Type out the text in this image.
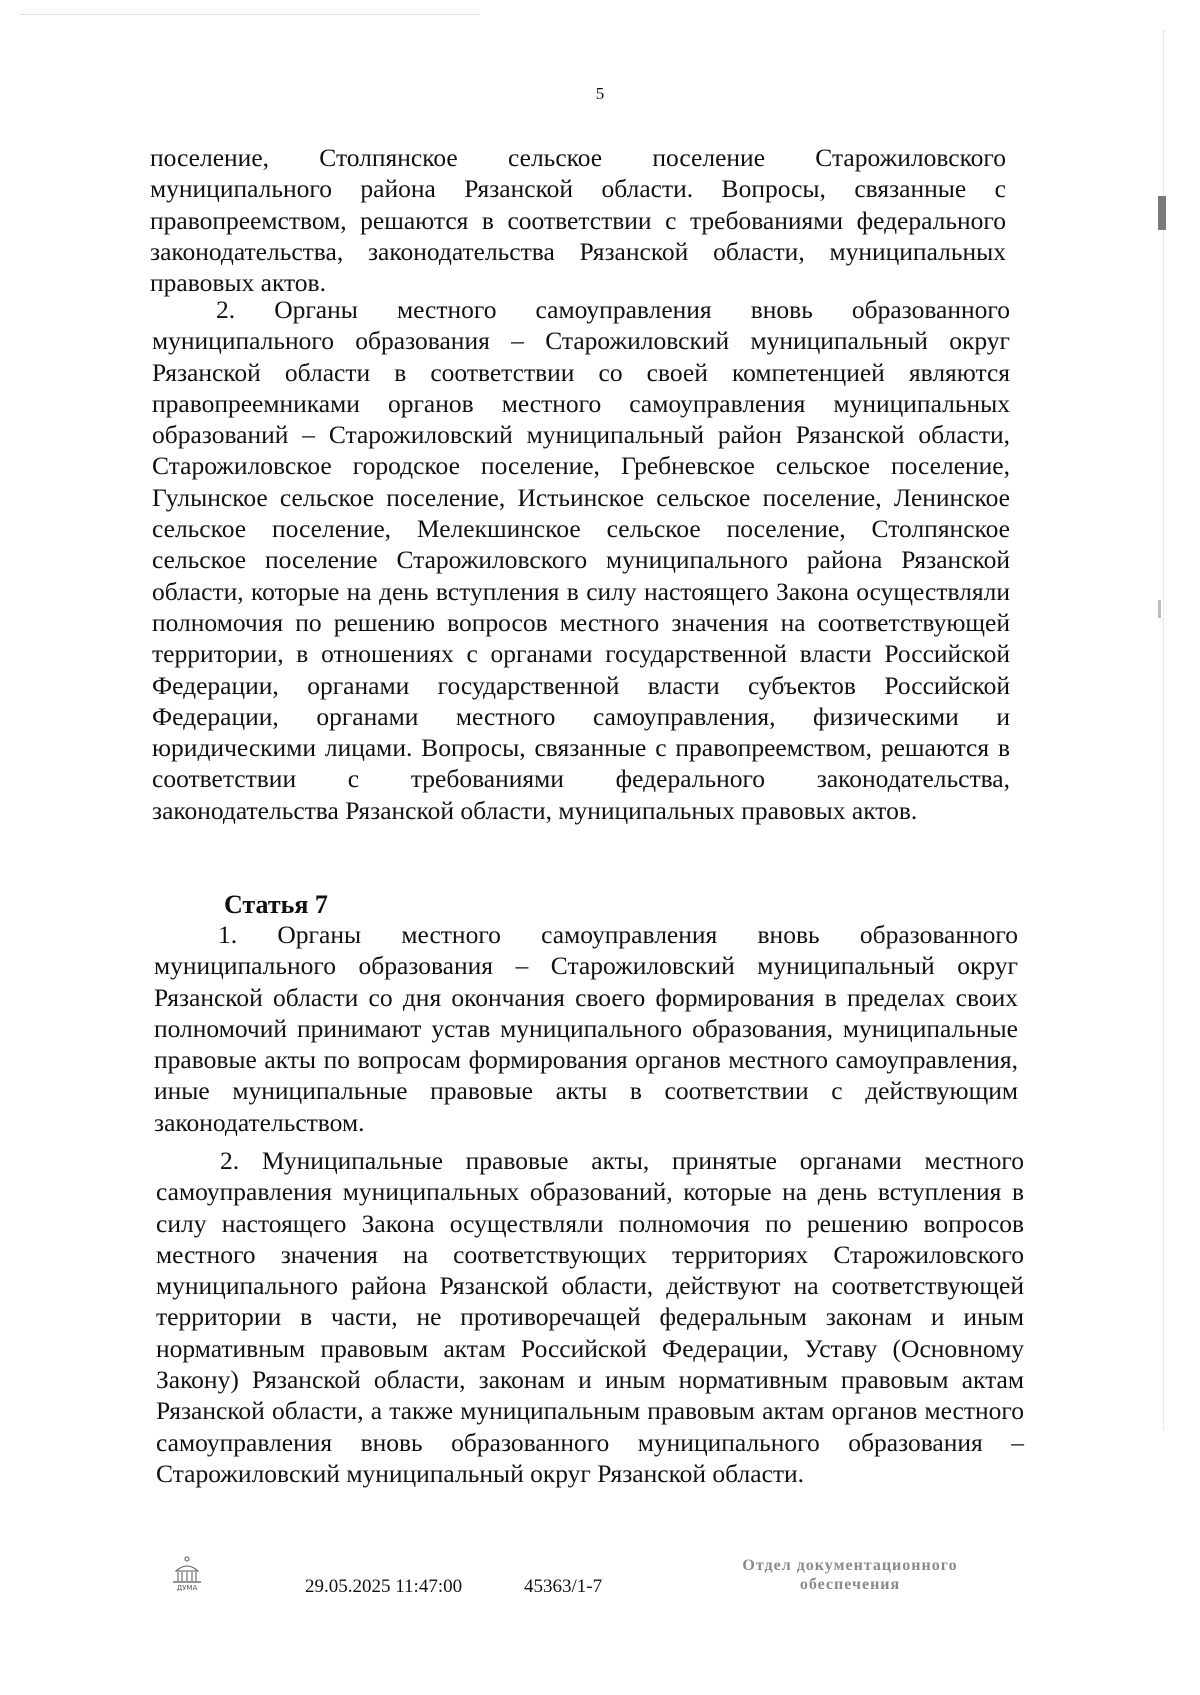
5

поселение, Столпянское сельское поселение Старожиловского муниципального района Рязанской области. Вопросы, связанные с правопреемством, решаются в соответствии с требованиями федерального законодательства, законодательства Рязанской области, муниципальных правовых актов.

2. Органы местного самоуправления вновь образованного муниципального образования – Старожиловский муниципальный округ Рязанской области в соответствии со своей компетенцией являются правопреемниками органов местного самоуправления муниципальных образований – Старожиловский муниципальный район Рязанской области, Старожиловское городское поселение, Гребневское сельское поселение, Гулынское сельское поселение, Истьинское сельское поселение, Ленинское сельское поселение, Мелекшинское сельское поселение, Столпянское сельское поселение Старожиловского муниципального района Рязанской области, которые на день вступления в силу настоящего Закона осуществляли полномочия по решению вопросов местного значения на соответствующей территории, в отношениях с органами государственной власти Российской Федерации, органами государственной власти субъектов Российской Федерации, органами местного самоуправления, физическими и юридическими лицами. Вопросы, связанные с правопреемством, решаются в соответствии с требованиями федерального законодательства, законодательства Рязанской области, муниципальных правовых актов.

Статья 7

1. Органы местного самоуправления вновь образованного муниципального образования – Старожиловский муниципальный округ Рязанской области со дня окончания своего формирования в пределах своих полномочий принимают устав муниципального образования, муниципальные правовые акты по вопросам формирования органов местного самоуправления, иные муниципальные правовые акты в соответствии с действующим законодательством.

2. Муниципальные правовые акты, принятые органами местного самоуправления муниципальных образований, которые на день вступления в силу настоящего Закона осуществляли полномочия по решению вопросов местного значения на соответствующих территориях Старожиловского муниципального района Рязанской области, действуют на соответствующей территории в части, не противоречащей федеральным законам и иным нормативным правовым актам Российской Федерации, Уставу (Основному Закону) Рязанской области, законам и иным нормативным правовым актам Рязанской области, а также муниципальным правовым актам органов местного самоуправления вновь образованного муниципального образования – Старожиловский муниципальный округ Рязанской области.

ДУМА	29.05.2025 11:47:00	45363/1-7
Отдел документационного
обеспечения
